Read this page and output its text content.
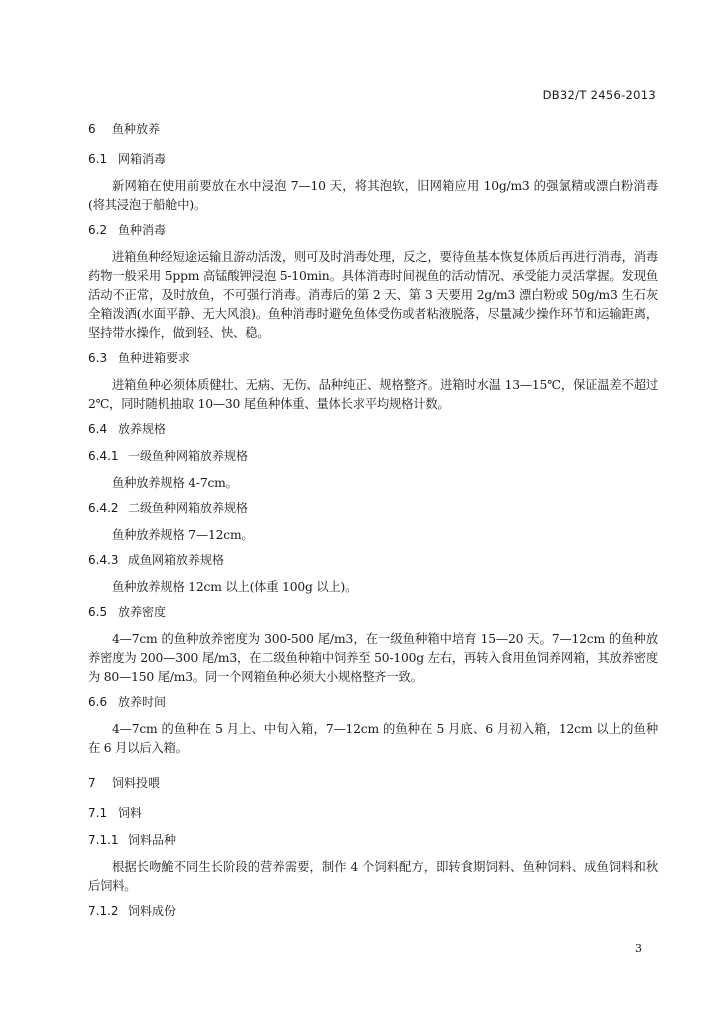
DB32/T 2456-2013
6 鱼种放养
6.1 网箱消毒

新网箱在使用前要放在水中浸泡 7—10 天，将其泡软，旧网箱应用 10g/m3 的强氯精或漂白粉消毒(将其浸泡于船舱中)。

6.2 鱼种消毒

进箱鱼种经短途运输且游动活泼，则可及时消毒处理，反之，要待鱼基本恢复体质后再进行消毒，消毒药物一般采用 5ppm 高锰酸钾浸泡 5-10min。具体消毒时间视鱼的活动情况、承受能力灵活掌握。发现鱼活动不正常，及时放鱼，不可强行消毒。消毒后的第 2 天、第 3 天要用 2g/m3 漂白粉或 50g/m3 生石灰全箱泼洒(水面平静、无大风浪)。鱼种消毒时避免鱼体受伤或者粘液脱落，尽量减少操作环节和运输距离，坚持带水操作，做到轻、快、稳。

6.3 鱼种进箱要求

进箱鱼种必须体质健壮、无病、无伤、品种纯正、规格整齐。进箱时水温 13—15℃，保证温差不超过 2℃，同时随机抽取 10—30 尾鱼种体重、量体长求平均规格计数。

6.4 放养规格
6.4.1 一级鱼种网箱放养规格

鱼种放养规格 4-7cm。

6.4.2 二级鱼种网箱放养规格

鱼种放养规格 7—12cm。

6.4.3 成鱼网箱放养规格

鱼种放养规格 12cm 以上(体重 100g 以上)。

6.5 放养密度

4—7cm 的鱼种放养密度为 300-500 尾/m3，在一级鱼种箱中培育 15—20 天。7—12cm 的鱼种放养密度为 200—300 尾/m3，在二级鱼种箱中饲养至 50-100g 左右，再转入食用鱼饲养网箱，其放养密度为 80—150 尾/m3。同一个网箱鱼种必须大小规格整齐一致。

6.6 放养时间

4—7cm 的鱼种在 5 月上、中旬入箱，7—12cm 的鱼种在 5 月底、6 月初入箱，12cm 以上的鱼种在 6 月以后入箱。

7 饲料投喂
7.1 饲料
7.1.1 饲料品种

根据长吻鮠不同生长阶段的营养需要，制作 4 个饲料配方，即转食期饲料、鱼种饲料、成鱼饲料和秋后饲料。

7.1.2 饲料成份
3
